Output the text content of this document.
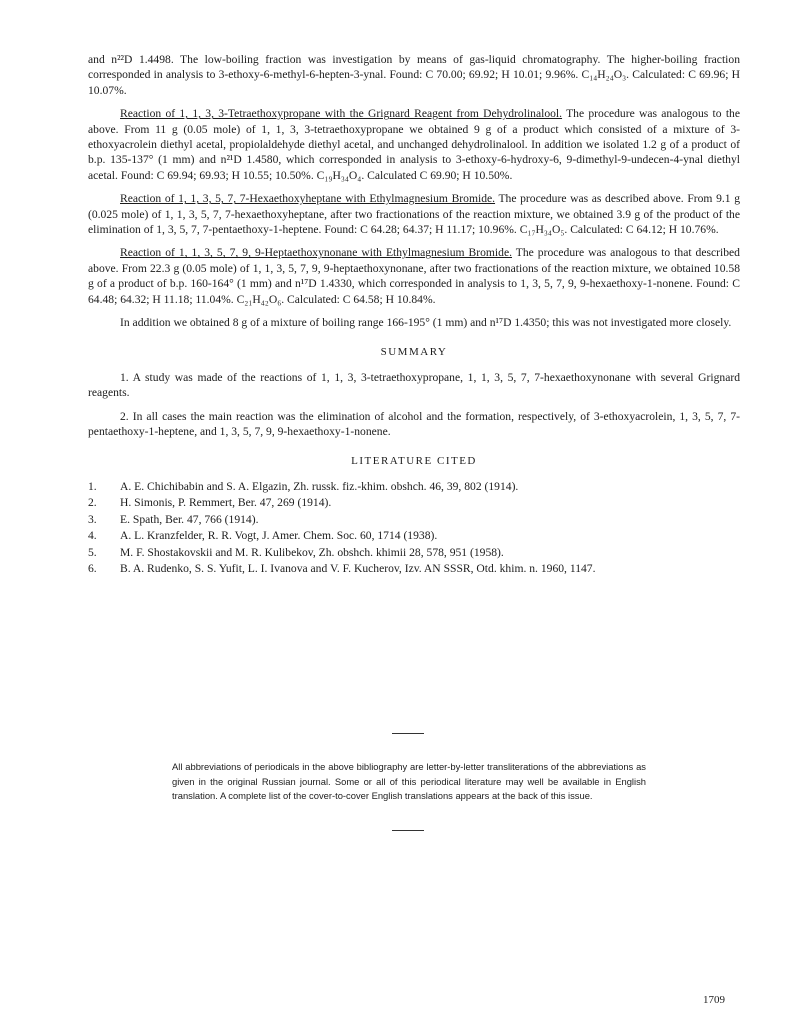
and n²²D 1.4498. The low-boiling fraction was investigation by means of gas-liquid chromatography. The higher-boiling fraction corresponded in analysis to 3-ethoxy-6-methyl-6-hepten-3-ynal. Found: C 70.00; 69.92; H 10.01; 9.96%. C₁₄H₂₄O₃. Calculated: C 69.96; H 10.07%.

Reaction of 1, 1, 3, 3-Tetraethoxypropane with the Grignard Reagent from Dehydrolinalool. The procedure was analogous to the above. From 11 g (0.05 mole) of 1, 1, 3, 3-tetraethoxypropane we obtained 9 g of a product which consisted of a mixture of 3-ethoxyacrolein diethyl acetal, propiolaldehyde diethyl acetal, and unchanged dehydrolinalool. In addition we isolated 1.2 g of a product of b.p. 135-137° (1 mm) and n²¹D 1.4580, which corresponded in analysis to 3-ethoxy-6-hydroxy-6, 9-dimethyl-9-undecen-4-ynal diethyl acetal. Found: C 69.94; 69.93; H 10.55; 10.50%. C₁₉H₃₄O₄. Calculated C 69.90; H 10.50%.

Reaction of 1, 1, 3, 5, 7, 7-Hexaethoxyheptane with Ethylmagnesium Bromide. The procedure was as described above. From 9.1 g (0.025 mole) of 1, 1, 3, 5, 7, 7-hexaethoxyheptane, after two fractionations of the reaction mixture, we obtained 3.9 g of the product of the elimination of 1, 3, 5, 7, 7-pentaethoxy-1-heptene. Found: C 64.28; 64.37; H 11.17; 10.96%. C₁₇H₃₄O₅. Calculated: C 64.12; H 10.76%.

Reaction of 1, 1, 3, 5, 7, 9, 9-Heptaethoxynonane with Ethylmagnesium Bromide. The procedure was analogous to that described above. From 22.3 g (0.05 mole) of 1, 1, 3, 5, 7, 9, 9-heptaethoxynonane, after two fractionations of the reaction mixture, we obtained 10.58 g of a product of b.p. 160-164° (1 mm) and n¹⁷D 1.4330, which corresponded in analysis to 1, 3, 5, 7, 9, 9-hexaethoxy-1-nonene. Found: C 64.48; 64.32; H 11.18; 11.04%. C₂₁H₄₂O₆. Calculated: C 64.58; H 10.84%.

In addition we obtained 8 g of a mixture of boiling range 166-195° (1 mm) and n¹⁷D 1.4350; this was not investigated more closely.

SUMMARY

1. A study was made of the reactions of 1, 1, 3, 3-tetraethoxypropane, 1, 1, 3, 5, 7, 7-hexaethoxynonane with several Grignard reagents.

2. In all cases the main reaction was the elimination of alcohol and the formation, respectively, of 3-ethoxyacrolein, 1, 3, 5, 7, 7-pentaethoxy-1-heptene, and 1, 3, 5, 7, 9, 9-hexaethoxy-1-nonene.

LITERATURE CITED
1.	A. E. Chichibabin and S. A. Elgazin, Zh. russk. fiz.-khim. obshch. 46, 39, 802 (1914).
2.	H. Simonis, P. Remmert, Ber. 47, 269 (1914).
3.	E. Spath, Ber. 47, 766 (1914).
4.	A. L. Kranzfelder, R. R. Vogt, J. Amer. Chem. Soc. 60, 1714 (1938).
5.	M. F. Shostakovskii and M. R. Kulibekov, Zh. obshch. khimii 28, 578, 951 (1958).
6.	B. A. Rudenko, S. S. Yufit, L. I. Ivanova and V. F. Kucherov, Izv. AN SSSR, Otd. khim. n. 1960, 1147.
All abbreviations of periodicals in the above bibliography are letter-by-letter transliterations of the abbreviations as given in the original Russian journal. Some or all of this periodical literature may well be available in English translation. A complete list of the cover-to-cover English translations appears at the back of this issue.
1709
